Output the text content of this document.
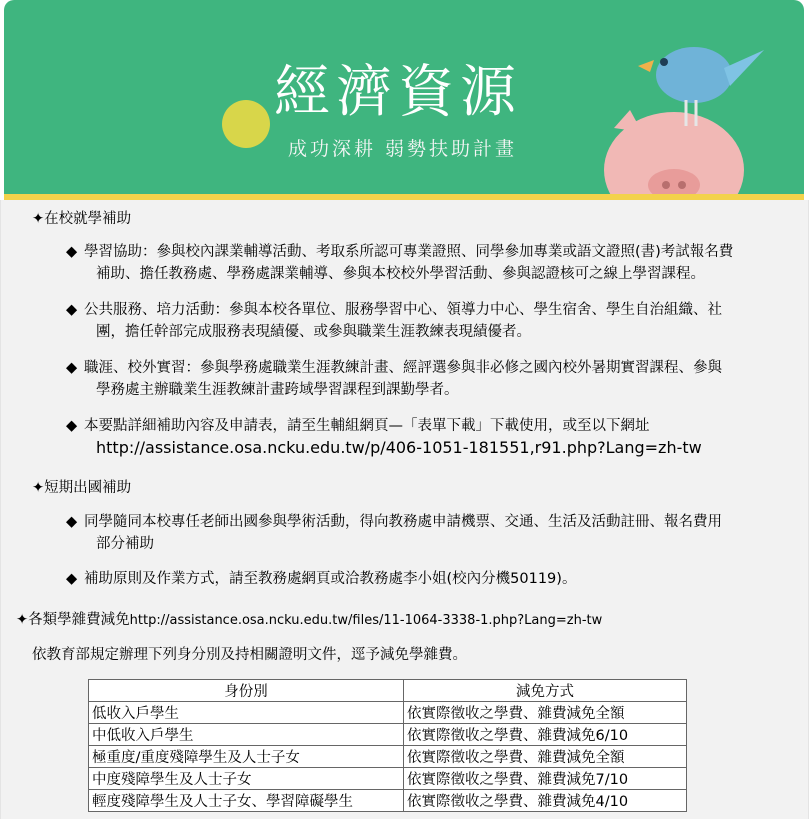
經濟資源
成功深耕 弱勢扶助計畫
✦在校就學補助
◆ 學習協助：參與校內課業輔導活動、考取系所認可專業證照、同學參加專業或語文證照(書)考試報名費
補助、擔任教務處、學務處課業輔導、參與本校校外學習活動、參與認證核可之線上學習課程。
◆ 公共服務、培力活動：參與本校各單位、服務學習中心、領導力中心、學生宿舍、學生自治組織、社
團，擔任幹部完成服務表現績優、或參與職業生涯教練表現績優者。
◆ 職涯、校外實習：參與學務處職業生涯教練計畫、經評選參與非必修之國內校外暑期實習課程、參與
學務處主辦職業生涯教練計畫跨域學習課程到課勤學者。
◆ 本要點詳細補助內容及申請表，請至生輔組網頁—「表單下載」下載使用，或至以下網址
http://assistance.osa.ncku.edu.tw/p/406-1051-181551,r91.php?Lang=zh-tw
✦短期出國補助
◆ 同學隨同本校專任老師出國參與學術活動，得向教務處申請機票、交通、生活及活動註冊、報名費用
部分補助
◆ 補助原則及作業方式，請至教務處網頁或洽教務處李小姐(校內分機50119)。
✦各類學雜費減免http://assistance.osa.ncku.edu.tw/files/11-1064-3338-1.php?Lang=zh-tw
依教育部規定辦理下列身分別及持相關證明文件，逕予減免學雜費。
身份別	減免方式
低收入戶學生	依實際徵收之學費、雜費減免全額
中低收入戶學生	依實際徵收之學費、雜費減免6/10
極重度/重度殘障學生及人士子女	依實際徵收之學費、雜費減免全額
中度殘障學生及人士子女	依實際徵收之學費、雜費減免7/10
輕度殘障學生及人士子女、學習障礙學生	依實際徵收之學費、雜費減免4/10
